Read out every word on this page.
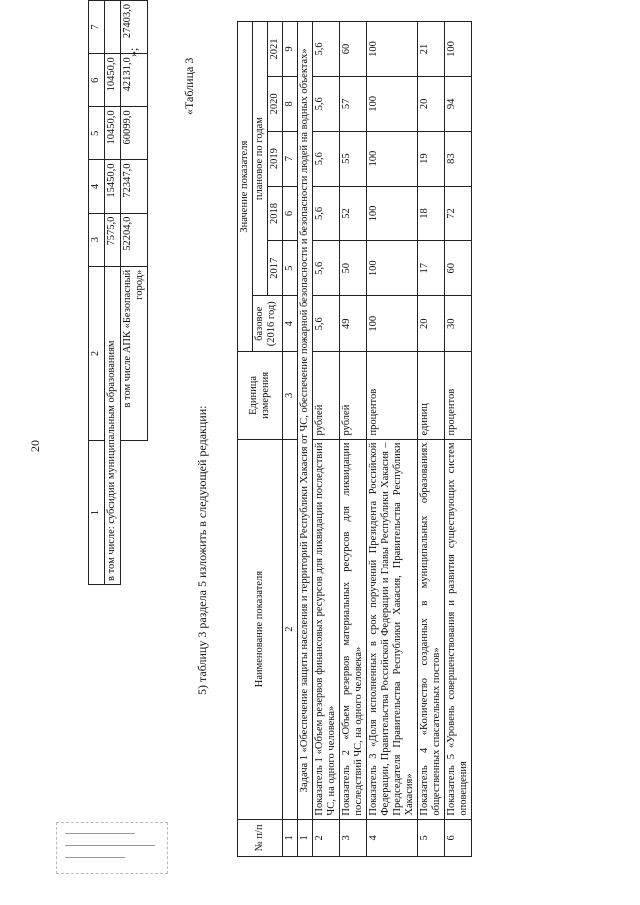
20
1	2	3	4	5	6	7
в том числе: субсидии муниципальным образованиям		7575,0	15450,0	10450,0	10450,0	
	в том числе АПК «Безопасный город»	52204,0	72347,0	60099,0	42131,0	27403,0
»;
5) таблицу 3 раздела 5 изложить в следующей редакции:
«Таблица 3
№ п/п	Наименование показателя	Единица измерения	Значение показателя					
			базовое (2016 год)	плановое по годам				
				2017	2018	2019	2020	2021
1	2	3	4	5	6	7	8	9
1	Задача 1 «Обеспечение защиты населения и территорий Республики Хакасия от ЧС, обеспечение пожарной безопасности и безопасности людей на водных объектах»							
2	Показатель 1 «Объем резервов финансовых ресурсов для ликвидации последствий ЧС, на одного человека»	рублей	5,6	5,6	5,6	5,6	5,6	5,6
3	Показатель 2 «Объем резервов материальных ресурсов для ликвидации последствий ЧС, на одного человека»	рублей	49	50	52	55	57	60
4	Показатель 3 «Доля исполненных в срок поручений Президента Российской Федерации, Правительства Российской Федерации и Главы Республики Хакасия – Председателя Правительства Республики Хакасия, Правительства Республики Хакасия»	процентов	100	100	100	100	100	100
5	Показатель 4 «Количество созданных в муниципальных образованиях общественных спасательных постов»	единиц	20	17	18	19	20	21
6	Показатель 5 «Уровень совершенствования и развития существующих систем оповещения	процентов	30	60	72	83	94	100
